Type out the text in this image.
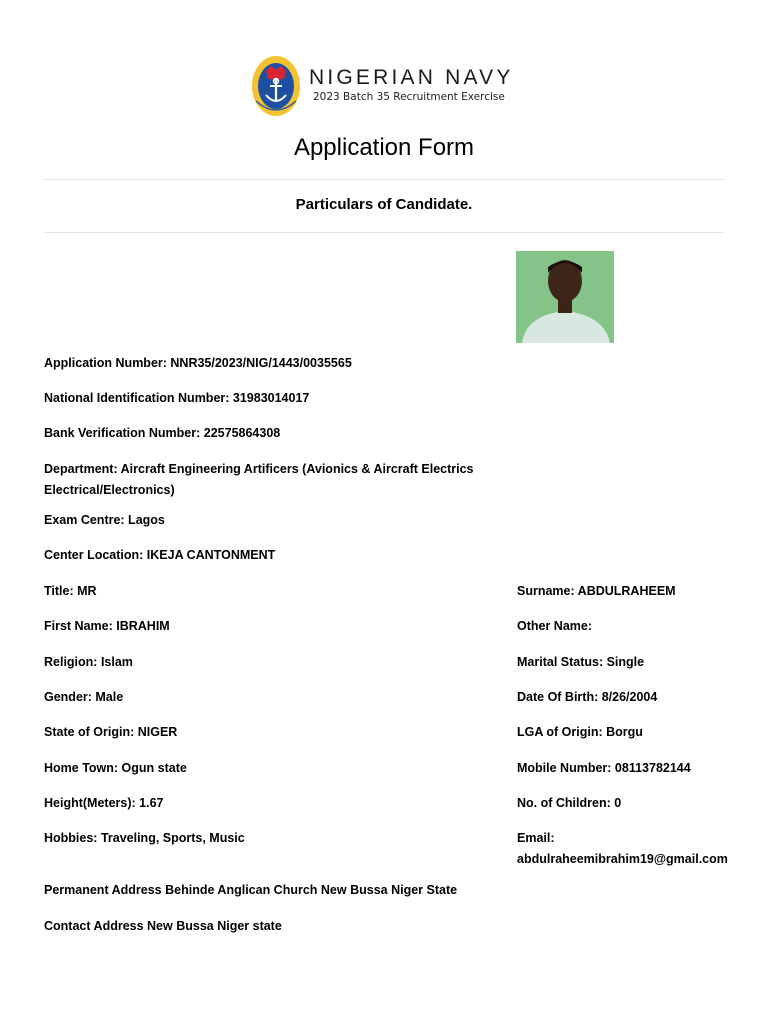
NIGERIAN NAVY
2023 Batch 35 Recruitment Exercise
Application Form
Particulars of Candidate.
Application Number: NNR35/2023/NIG/1443/0035565
National Identification Number: 31983014017
Bank Verification Number: 22575864308
Department: Aircraft Engineering Artificers (Avionics & Aircraft Electrics Electrical/Electronics)
Exam Centre: Lagos
Center Location: IKEJA CANTONMENT
Title: MR	Surname: ABDULRAHEEM
First Name: IBRAHIM	Other Name:
Religion: Islam	Marital Status: Single
Gender: Male	Date Of Birth: 8/26/2004
State of Origin: NIGER	LGA of Origin: Borgu
Home Town: Ogun state	Mobile Number: 08113782144
Height(Meters): 1.67	No. of Children: 0
Hobbies: Traveling, Sports, Music	Email:
abdulraheemibrahim19@gmail.com
Permanent Address Behinde Anglican Church New Bussa Niger State
Contact Address New Bussa Niger state
